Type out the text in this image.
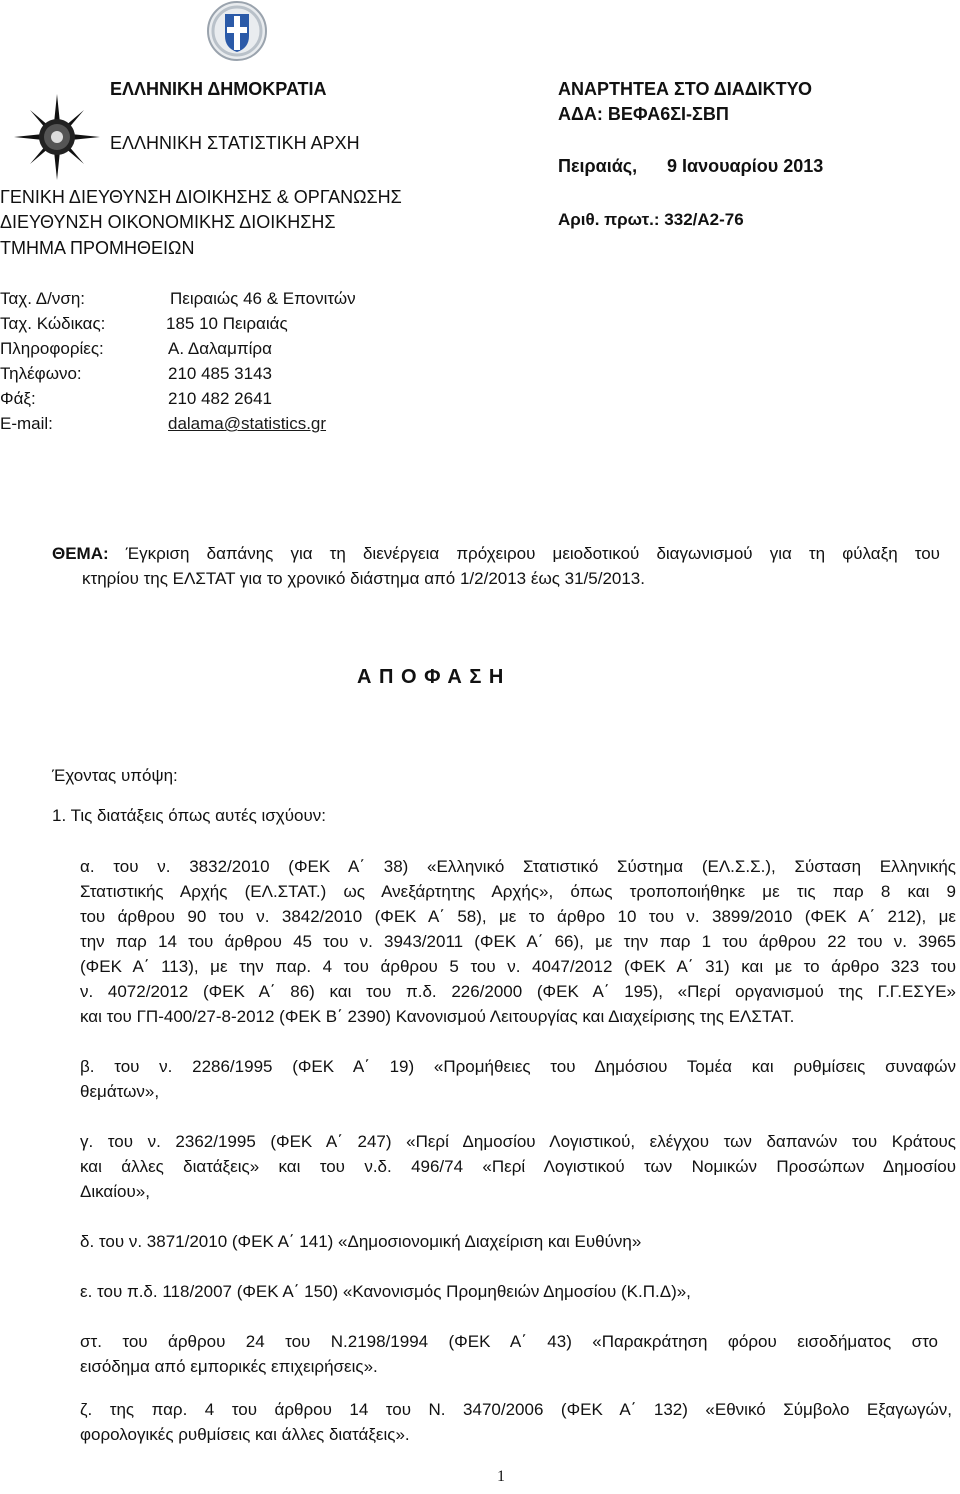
ΕΛΛΗΝΙΚΗ ΔΗΜΟΚΡΑΤΙΑ
ΕΛΛΗΝΙΚΗ ΣΤΑΤΙΣΤΙΚΗ ΑΡΧΗ
ΓΕΝΙΚΗ ΔΙΕΥΘΥΝΣΗ ΔΙΟΙΚΗΣΗΣ & ΟΡΓΑΝΩΣΗΣ
ΔΙΕΥΘΥΝΣΗ ΟΙΚΟΝΟΜΙΚΗΣ ΔΙΟΙΚΗΣΗΣ
ΤΜΗΜΑ ΠΡΟΜΗΘΕΙΩΝ
ΑΝΑΡΤΗΤΕΑ ΣΤΟ ΔΙΑΔΙΚΤΥΟ
ΑΔΑ: ΒΕΦΑ6ΣΙ-ΣΒΠ
Πειραιάς, 9 Ιανουαρίου 2013
Αριθ. πρωτ.: 332/Α2-76
Ταχ. Δ/νση:	Πειραιώς 46 & Επονιτών
Ταχ. Κώδικας:	185 10 Πειραιάς
Πληροφορίες:	Α. Δαλαμπίρα
Τηλέφωνο:	210 485 3143
Φάξ:	210 482 2641
E-mail:	dalama@statistics.gr
ΘΕΜΑ: Έγκριση δαπάνης για τη διενέργεια πρόχειρου μειοδοτικού διαγωνισμού για τη φύλαξη του
κτηρίου της ΕΛΣΤΑΤ για το χρονικό διάστημα από 1/2/2013 έως 31/5/2013.
Α Π Ο Φ Α Σ Η
Έχοντας υπόψη:
1. Τις διατάξεις όπως αυτές ισχύουν:
α. του ν. 3832/2010 (ΦΕΚ Α΄ 38) «Ελληνικό Στατιστικό Σύστημα (ΕΛ.Σ.Σ.), Σύσταση Ελληνικής
Στατιστικής Αρχής (ΕΛ.ΣΤΑΤ.) ως Ανεξάρτητης Αρχής», όπως τροποποιήθηκε με τις παρ 8 και 9
του άρθρου 90 του ν. 3842/2010 (ΦΕΚ Α΄ 58), με το άρθρο 10 του ν. 3899/2010 (ΦΕΚ Α΄ 212), με
την παρ 14 του άρθρου 45 του ν. 3943/2011 (ΦΕΚ Α΄ 66), με την παρ 1 του άρθρου 22 του ν. 3965
(ΦΕΚ Α΄ 113), με την παρ. 4 του άρθρου 5 του ν. 4047/2012 (ΦΕΚ Α΄ 31) και με το άρθρο 323 του
ν. 4072/2012 (ΦΕΚ Α΄ 86) και του π.δ. 226/2000 (ΦΕΚ Α΄ 195), «Περί οργανισμού της Γ.Γ.ΕΣΥΕ»
και του ΓΠ-400/27-8-2012 (ΦΕΚ Β΄ 2390) Κανονισμού Λειτουργίας και Διαχείρισης της ΕΛΣΤΑΤ.
β. του ν. 2286/1995 (ΦΕΚ Α΄ 19) «Προμήθειες του Δημόσιου Τομέα και ρυθμίσεις συναφών
θεμάτων»,
γ. του ν. 2362/1995 (ΦΕΚ Α΄ 247) «Περί Δημοσίου Λογιστικού, ελέγχου των δαπανών του Κράτους
και άλλες διατάξεις» και του ν.δ. 496/74 «Περί Λογιστικού των Νομικών Προσώπων Δημοσίου
Δικαίου»,
δ. του ν. 3871/2010 (ΦΕΚ Α΄ 141) «Δημοσιονομική Διαχείριση και Ευθύνη»
ε. του π.δ. 118/2007 (ΦΕΚ Α΄ 150) «Κανονισμός Προμηθειών Δημοσίου (Κ.Π.Δ)»,
στ. του άρθρου 24 του Ν.2198/1994 (ΦΕΚ Α΄ 43) «Παρακράτηση φόρου εισοδήματος στο
εισόδημα από εμπορικές επιχειρήσεις».
ζ. της παρ. 4 του άρθρου 14 του Ν. 3470/2006 (ΦΕΚ Α΄ 132) «Εθνικό Σύμβολο Εξαγωγών,
φορολογικές ρυθμίσεις και άλλες διατάξεις».
1
